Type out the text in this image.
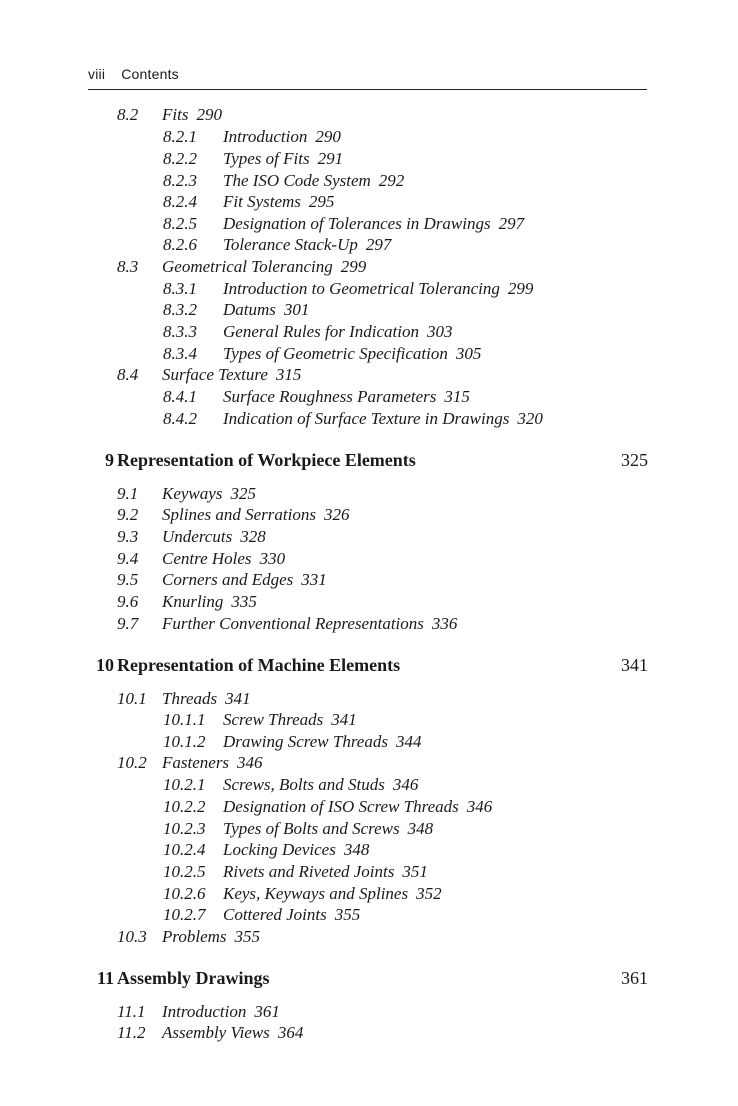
viii Contents
8.2 Fits 290
8.2.1 Introduction 290
8.2.2 Types of Fits 291
8.2.3 The ISO Code System 292
8.2.4 Fit Systems 295
8.2.5 Designation of Tolerances in Drawings 297
8.2.6 Tolerance Stack-Up 297
8.3 Geometrical Tolerancing 299
8.3.1 Introduction to Geometrical Tolerancing 299
8.3.2 Datums 301
8.3.3 General Rules for Indication 303
8.3.4 Types of Geometric Specification 305
8.4 Surface Texture 315
8.4.1 Surface Roughness Parameters 315
8.4.2 Indication of Surface Texture in Drawings 320
9 Representation of Workpiece Elements	325
9.1 Keyways 325
9.2 Splines and Serrations 326
9.3 Undercuts 328
9.4 Centre Holes 330
9.5 Corners and Edges 331
9.6 Knurling 335
9.7 Further Conventional Representations 336
10 Representation of Machine Elements	341
10.1 Threads 341
10.1.1 Screw Threads 341
10.1.2 Drawing Screw Threads 344
10.2 Fasteners 346
10.2.1 Screws, Bolts and Studs 346
10.2.2 Designation of ISO Screw Threads 346
10.2.3 Types of Bolts and Screws 348
10.2.4 Locking Devices 348
10.2.5 Rivets and Riveted Joints 351
10.2.6 Keys, Keyways and Splines 352
10.2.7 Cottered Joints 355
10.3 Problems 355
11 Assembly Drawings	361
11.1 Introduction 361
11.2 Assembly Views 364
